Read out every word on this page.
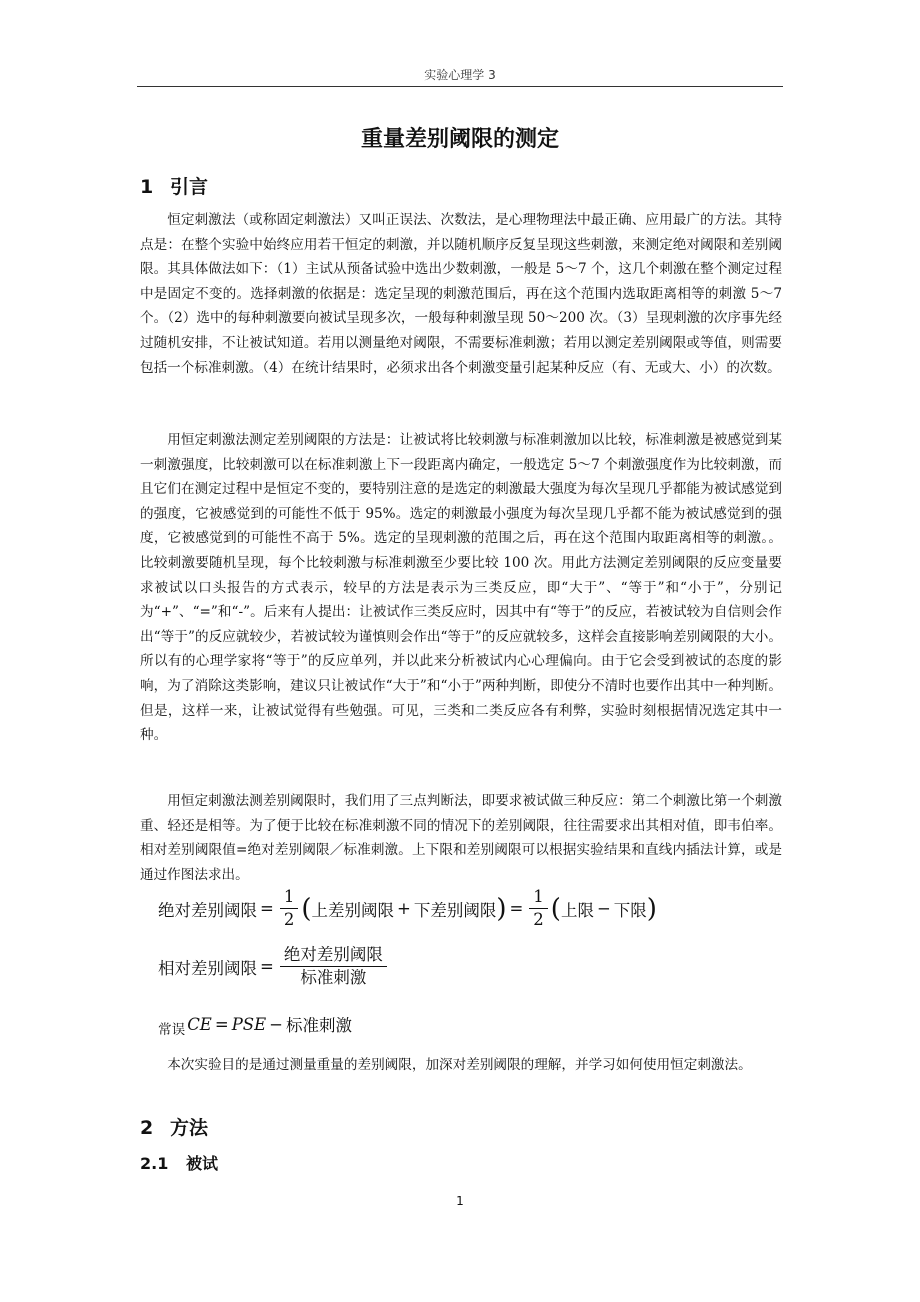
实验心理学 3
重量差别阈限的测定
1 引言
恒定刺激法（或称固定刺激法）又叫正误法、次数法，是心理物理法中最正确、应用最广的方法。其特点是：在整个实验中始终应用若干恒定的刺激，并以随机顺序反复呈现这些刺激，来测定绝对阈限和差别阈限。其具体做法如下：（1）主试从预备试验中选出少数刺激，一般是 5～7 个，这几个刺激在整个测定过程中是固定不变的。选择刺激的依据是：选定呈现的刺激范围后，再在这个范围内选取距离相等的刺激 5～7 个。（2）选中的每种刺激要向被试呈现多次，一般每种刺激呈现 50～200 次。（3）呈现刺激的次序事先经过随机安排，不让被试知道。若用以测量绝对阈限，不需要标准刺激；若用以测定差别阈限或等值，则需要包括一个标准刺激。（4）在统计结果时，必须求出各个刺激变量引起某种反应（有、无或大、小）的次数。
用恒定刺激法测定差别阈限的方法是：让被试将比较刺激与标准刺激加以比较，标准刺激是被感觉到某一刺激强度，比较刺激可以在标准刺激上下一段距离内确定，一般选定 5～7 个刺激强度作为比较刺激，而且它们在测定过程中是恒定不变的，要特别注意的是选定的刺激最大强度为每次呈现几乎都能为被试感觉到的强度，它被感觉到的可能性不低于 95%。选定的刺激最小强度为每次呈现几乎都不能为被试感觉到的强度，它被感觉到的可能性不高于 5%。选定的呈现刺激的范围之后，再在这个范围内取距离相等的刺激。。比较刺激要随机呈现，每个比较刺激与标准刺激至少要比较 100 次。用此方法测定差别阈限的反应变量要求被试以口头报告的方式表示，较早的方法是表示为三类反应，即“大于”、“等于”和“小于”，分别记为“+”、“=”和“-”。后来有人提出：让被试作三类反应时，因其中有“等于”的反应，若被试较为自信则会作出“等于”的反应就较少，若被试较为谨慎则会作出“等于”的反应就较多，这样会直接影响差别阈限的大小。所以有的心理学家将“等于”的反应单列，并以此来分析被试内心心理偏向。由于它会受到被试的态度的影响，为了消除这类影响，建议只让被试作“大于”和“小于”两种判断，即使分不清时也要作出其中一种判断。但是，这样一来，让被试觉得有些勉强。可见，三类和二类反应各有利弊，实验时刻根据情况选定其中一种。
用恒定刺激法测差别阈限时，我们用了三点判断法，即要求被试做三种反应：第二个刺激比第一个刺激重、轻还是相等。为了便于比较在标准刺激不同的情况下的差别阈限，往往需要求出其相对值，即韦伯率。相对差别阈限值=绝对差别阈限／标准刺激。上下限和差别阈限可以根据实验结果和直线内插法计算，或是通过作图法求出。
绝对差别阈限 = $\frac{1}{2}$ ( 上差别阈限 + 下差别阈限 ) = $\frac{1}{2}$ ( 上限 − 下限 )
相对差别阈限 = $\frac{\text{绝对差别阈限}}{\text{标准刺激}}$
常误 CE = PSE − 标准刺激
本次实验目的是通过测量重量的差别阈限，加深对差别阈限的理解，并学习如何使用恒定刺激法。
2 方法
2.1 被试
1
